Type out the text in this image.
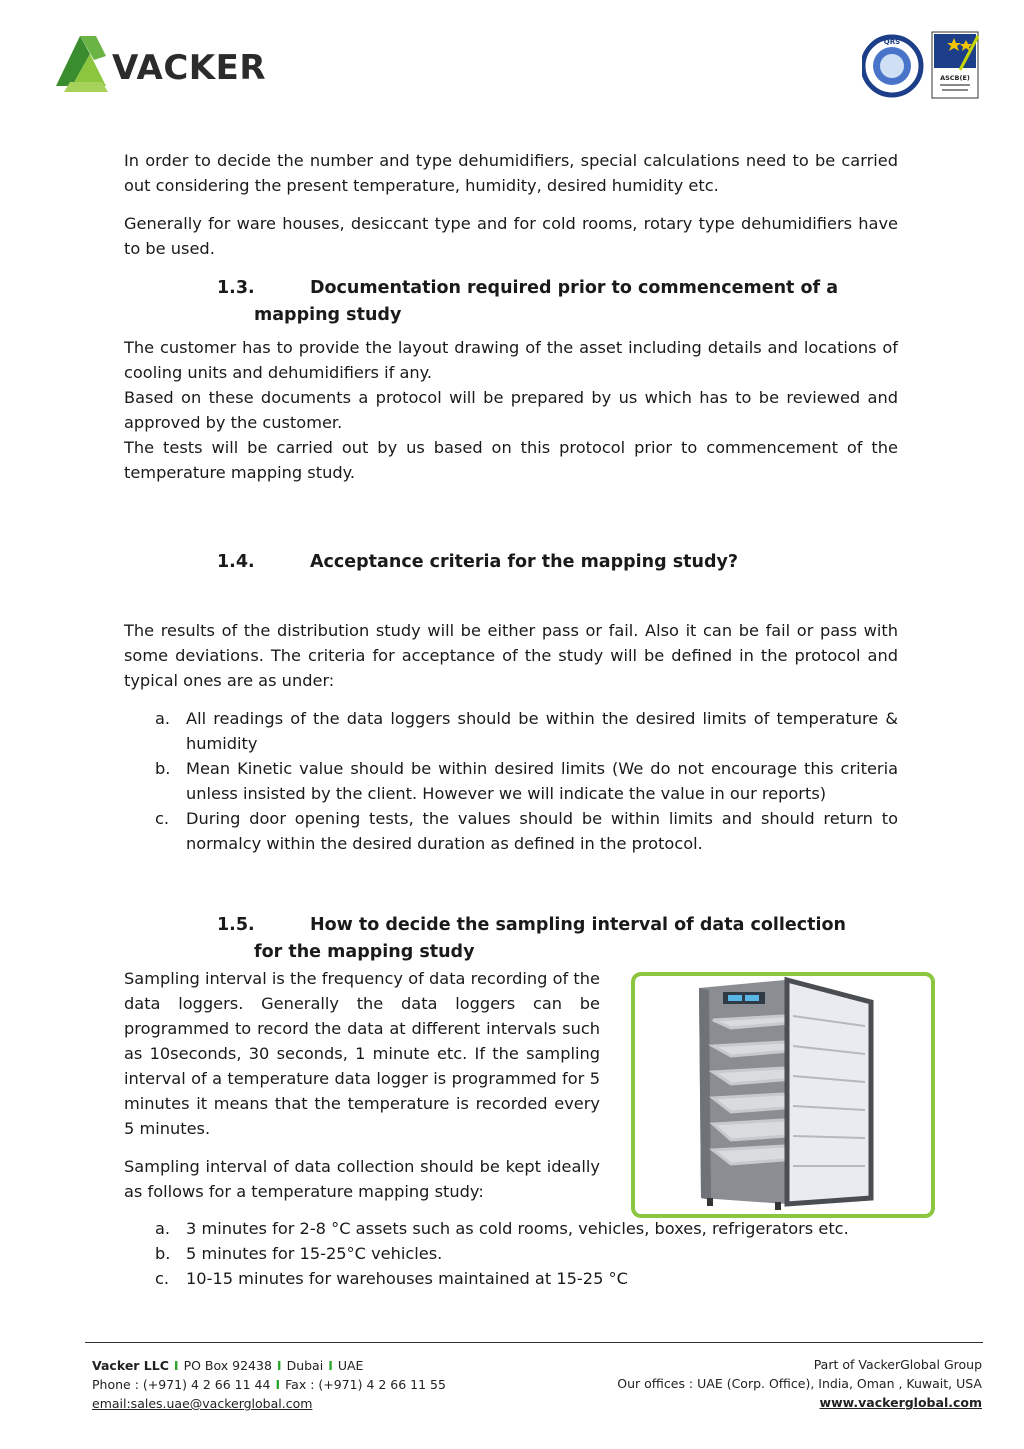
VACKER
QRS
ASCB(E)

In order to decide the number and type dehumidifiers, special calculations need to be carried out considering the present temperature, humidity, desired humidity etc.

Generally for ware houses, desiccant type and for cold rooms, rotary type dehumidifiers have to be used.

1.3.	Documentation required prior to commencement of a
mapping study

The customer has to provide the layout drawing of the asset including details and locations of cooling units and dehumidifiers if any.

Based on these documents a protocol will be prepared by us which has to be reviewed and approved by the customer.

The tests will be carried out by us based on this protocol prior to commencement of the temperature mapping study.

1.4.	Acceptance criteria for the mapping study?

The results of the distribution study will be either pass or fail. Also it can be fail or pass with some deviations. The criteria for acceptance of the study will be defined in the protocol and typical ones are as under:

a. All readings of the data loggers should be within the desired limits of temperature & humidity
b. Mean Kinetic value should be within desired limits (We do not encourage this criteria unless insisted by the client. However we will indicate the value in our reports)
c. During door opening tests, the values should be within limits and should return to normalcy within the desired duration as defined in the protocol.
1.5.	How to decide the sampling interval of data collection
for the mapping study

Sampling interval is the frequency of data recording of the data loggers. Generally the data loggers can be programmed to record the data at different intervals such as 10seconds, 30 seconds, 1 minute etc. If the sampling interval of a temperature data logger is programmed for 5 minutes it means that the temperature is recorded every 5 minutes.

Sampling interval of data collection should be kept ideally as follows for a temperature mapping study:

a. 3 minutes for 2-8 °C assets such as cold rooms, vehicles, boxes, refrigerators etc.
b. 5 minutes for 15-25°C vehicles.
c. 10-15 minutes for warehouses maintained at 15-25 °C
Vacker LLC I PO Box 92438 I Dubai I UAE
Phone : (+971) 4 2 66 11 44 I Fax : (+971) 4 2 66 11 55
email:sales.uae@vackerglobal.com
Part of VackerGlobal Group
Our offices : UAE (Corp. Office), India, Oman , Kuwait, USA
www.vackerglobal.com
